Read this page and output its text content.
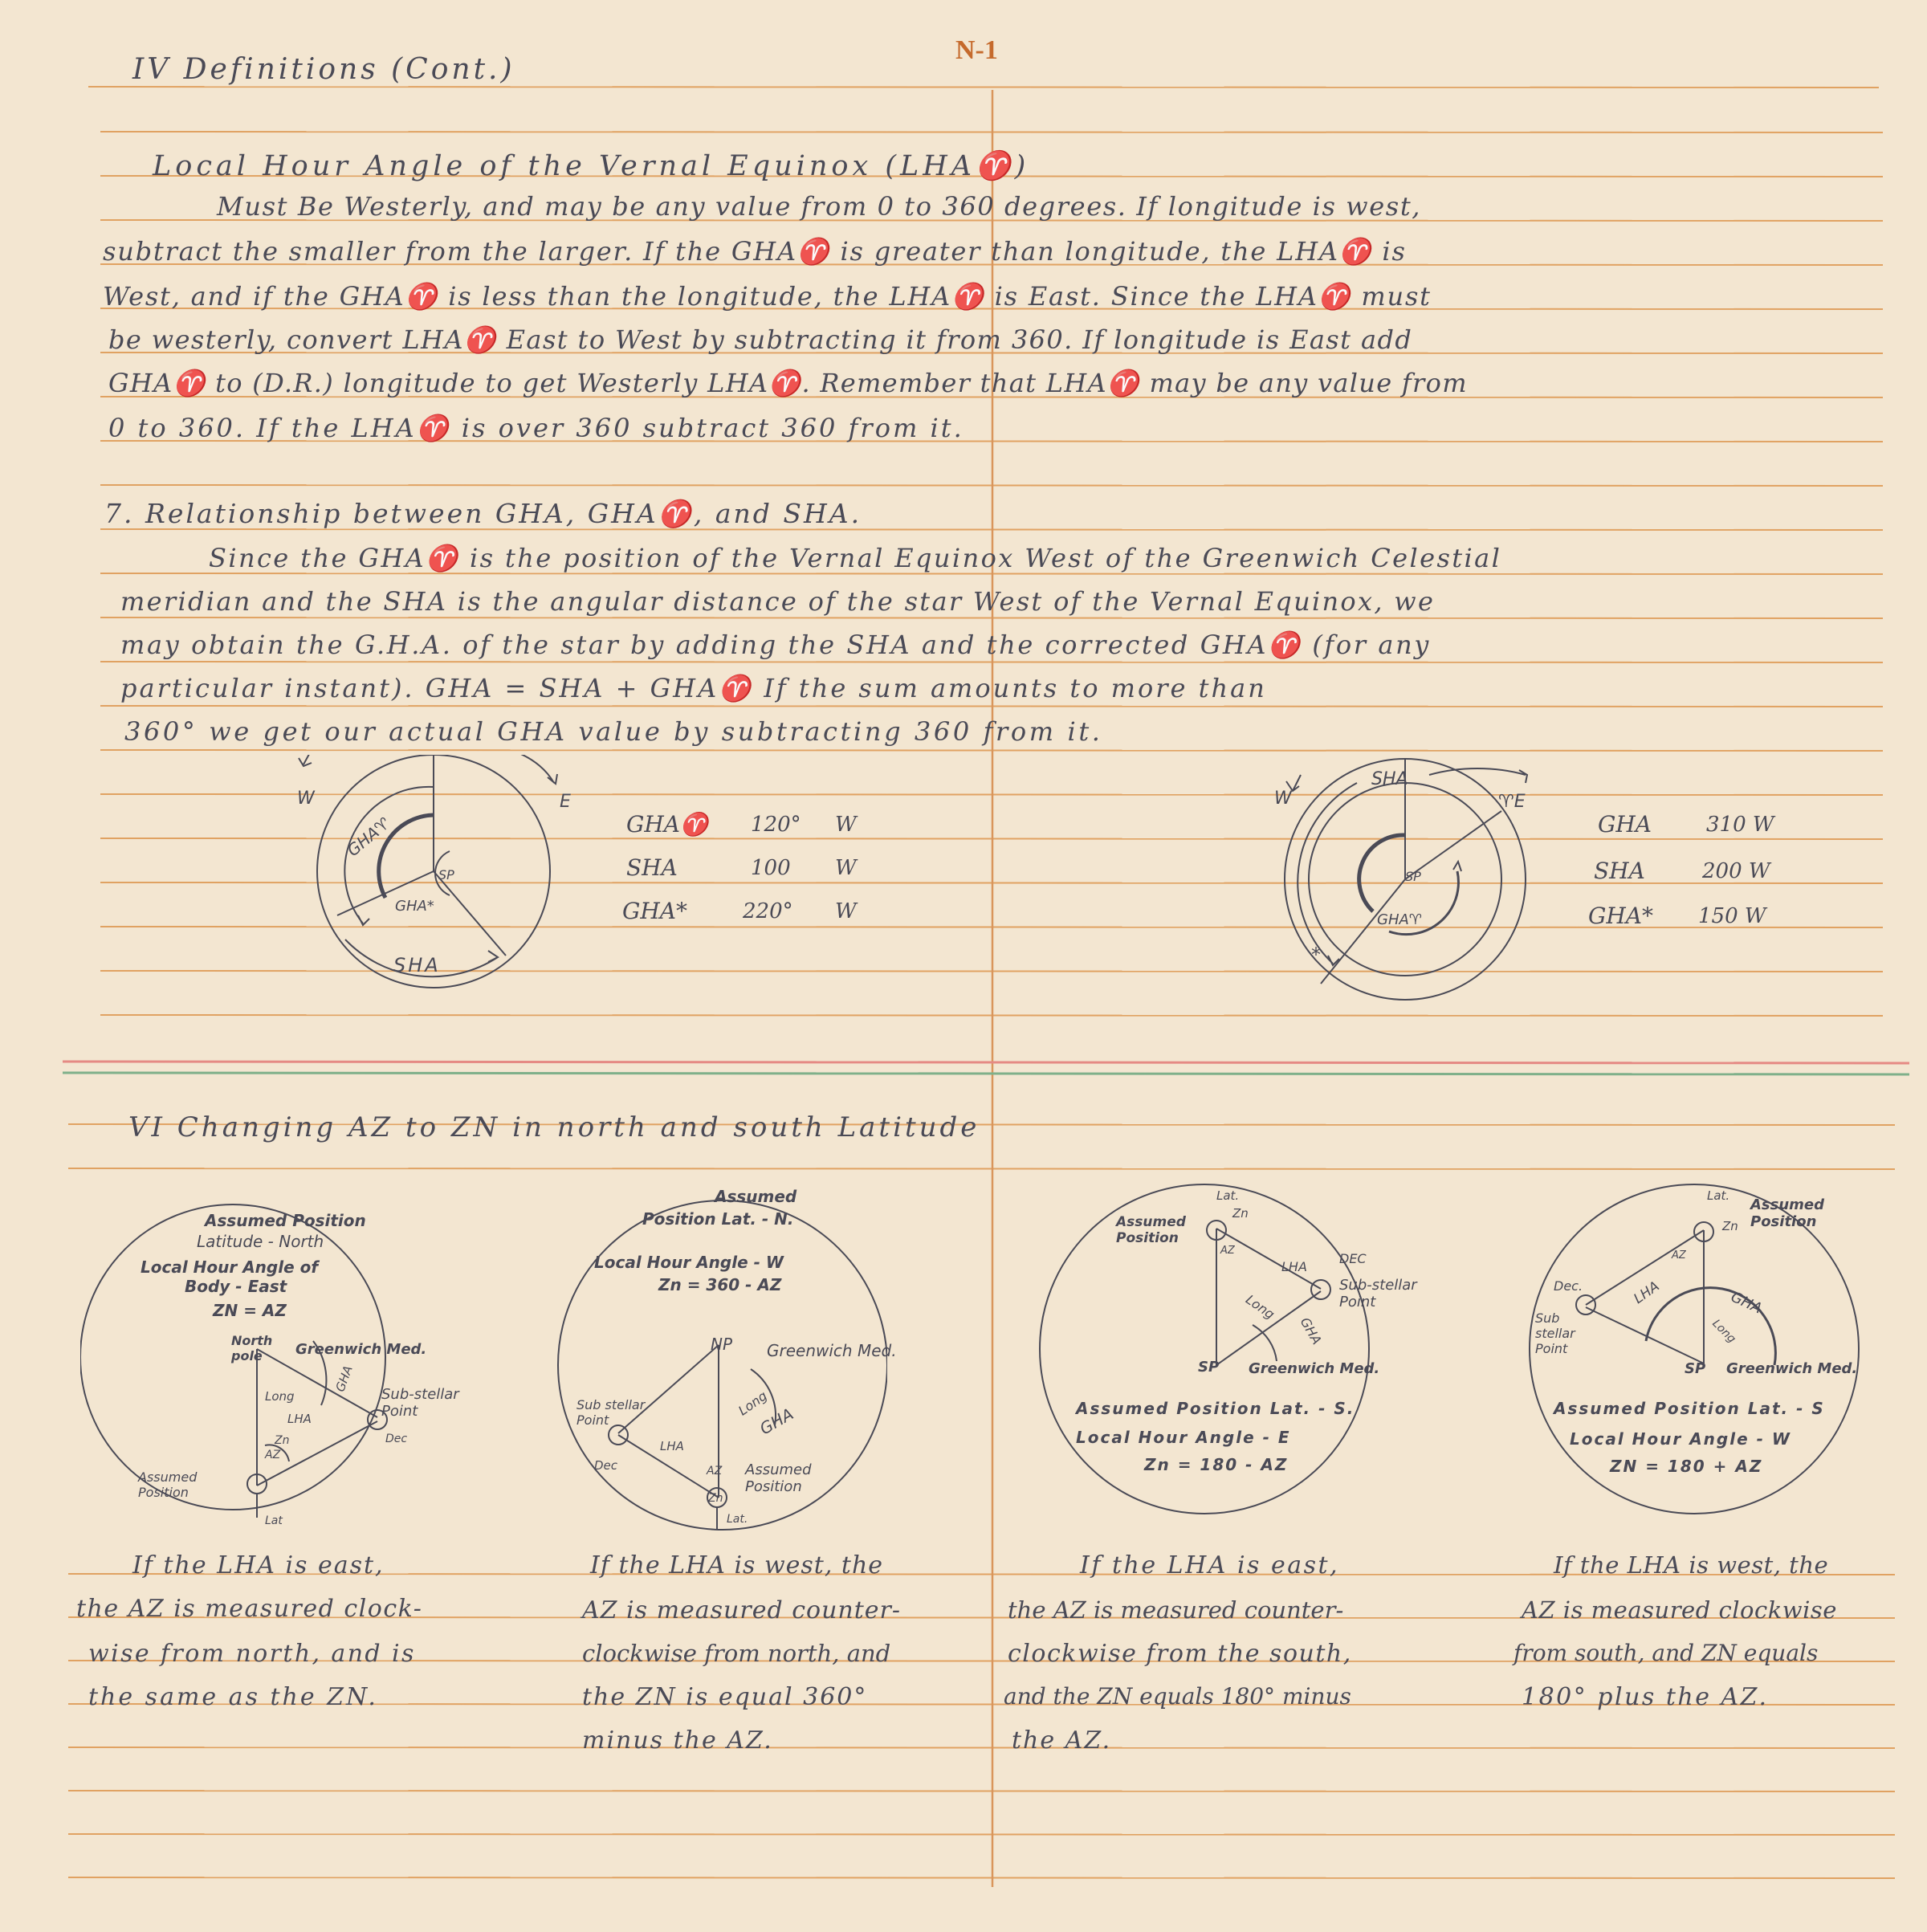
N-1
IV Definitions (Cont.)
Local Hour Angle of the Vernal Equinox (LHA♈)
Must Be Westerly, and may be any value from 0 to 360 degrees. If longitude is west,
subtract the smaller from the larger. If the GHA♈ is greater than longitude, the LHA♈ is
West, and if the GHA♈ is less than the longitude, the LHA♈ is East. Since the LHA♈ must
be westerly, convert LHA♈ East to West by subtracting it from 360. If longitude is East add
GHA♈ to (D.R.) longitude to get Westerly LHA♈. Remember that LHA♈ may be any value from
0 to 360. If the LHA♈ is over 360 subtract 360 from it.
7. Relationship between GHA, GHA♈, and SHA.
Since the GHA♈ is the position of the Vernal Equinox West of the Greenwich Celestial
meridian and the SHA is the angular distance of the star West of the Vernal Equinox, we
may obtain the G.H.A. of the star by adding the SHA and the corrected GHA♈ (for any
particular instant). GHA = SHA + GHA♈ If the sum amounts to more than
360° we get our actual GHA value by subtracting 360 from it.
W	E
GHA♈
SP
GHA*
SHA
GHA♈ 120° W
SHA	100 W
GHA*	220° W
W	♈E
SHA
SP
GHA♈
*
GHA	310 W
SHA	200 W
GHA* 150 W
VI Changing AZ to ZN in north and south Latitude
Assumed Position
Latitude - North
Local Hour Angle of
Body - East
ZN = AZ
North pole	Greenwich Med.
Long
GHA
LHA
Zn
AZ
Sub-stellar Point
Dec
Assumed Position
Lat
Assumed
Position Lat. - N.
Local Hour Angle - W
Zn = 360 - AZ
NP Greenwich Med.
Long
GHA
Sub stellar Point
LHA
Dec	AZ
Zn
Assumed Position
Lat.
Lat.
Zn
Assumed Position
AZ
LHA
DEC
Sub-stellar Point
Long
GHA
SP Greenwich Med.
Assumed Position Lat. - S.
Local Hour Angle - E
Zn = 180 - AZ
Lat.
Zn
Assumed Position
AZ
Dec.
Sub stellar Point
LHA	GHA
Long
SP Greenwich Med.
Assumed Position Lat. - S
Local Hour Angle - W
ZN = 180 + AZ
If the LHA is east,
the AZ is measured clock-
wise from north, and is
the same as the ZN.
If the LHA is west, the
AZ is measured counter-
clockwise from north, and
the ZN is equal 360°
minus the AZ.
If the LHA is east,
the AZ is measured counter-
clockwise from the south,
and the ZN equals 180° minus
the AZ.
If the LHA is west, the
AZ is measured clockwise
from south, and ZN equals
180° plus the AZ.
